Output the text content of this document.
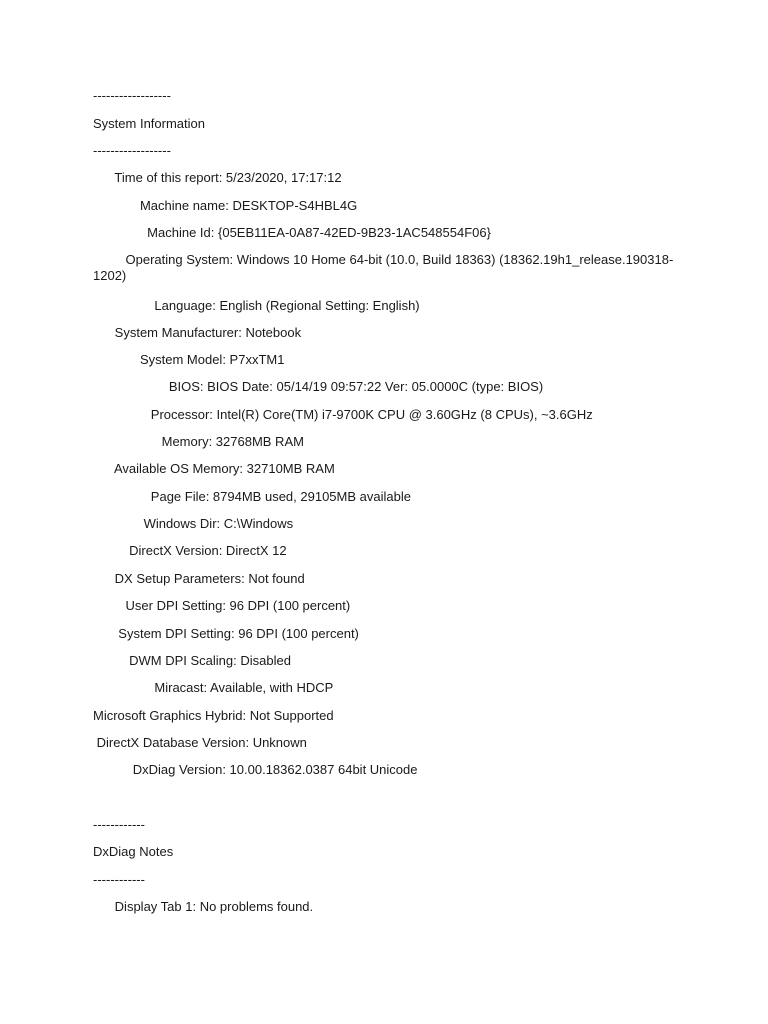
------------------
System Information
------------------
Time of this report: 5/23/2020, 17:17:12
Machine name: DESKTOP-S4HBL4G
Machine Id: {05EB11EA-0A87-42ED-9B23-1AC548554F06}
Operating System: Windows 10 Home 64-bit (10.0, Build 18363) (18362.19h1_release.190318-1202)
Language: English (Regional Setting: English)
System Manufacturer: Notebook
System Model: P7xxTM1
BIOS: BIOS Date: 05/14/19 09:57:22 Ver: 05.0000C (type: BIOS)
Processor: Intel(R) Core(TM) i7-9700K CPU @ 3.60GHz (8 CPUs), ~3.6GHz
Memory: 32768MB RAM
Available OS Memory: 32710MB RAM
Page File: 8794MB used, 29105MB available
Windows Dir: C:\Windows
DirectX Version: DirectX 12
DX Setup Parameters: Not found
User DPI Setting: 96 DPI (100 percent)
System DPI Setting: 96 DPI (100 percent)
DWM DPI Scaling: Disabled
Miracast: Available, with HDCP
Microsoft Graphics Hybrid: Not Supported
DirectX Database Version: Unknown
DxDiag Version: 10.00.18362.0387 64bit Unicode
------------
DxDiag Notes
------------
Display Tab 1: No problems found.
